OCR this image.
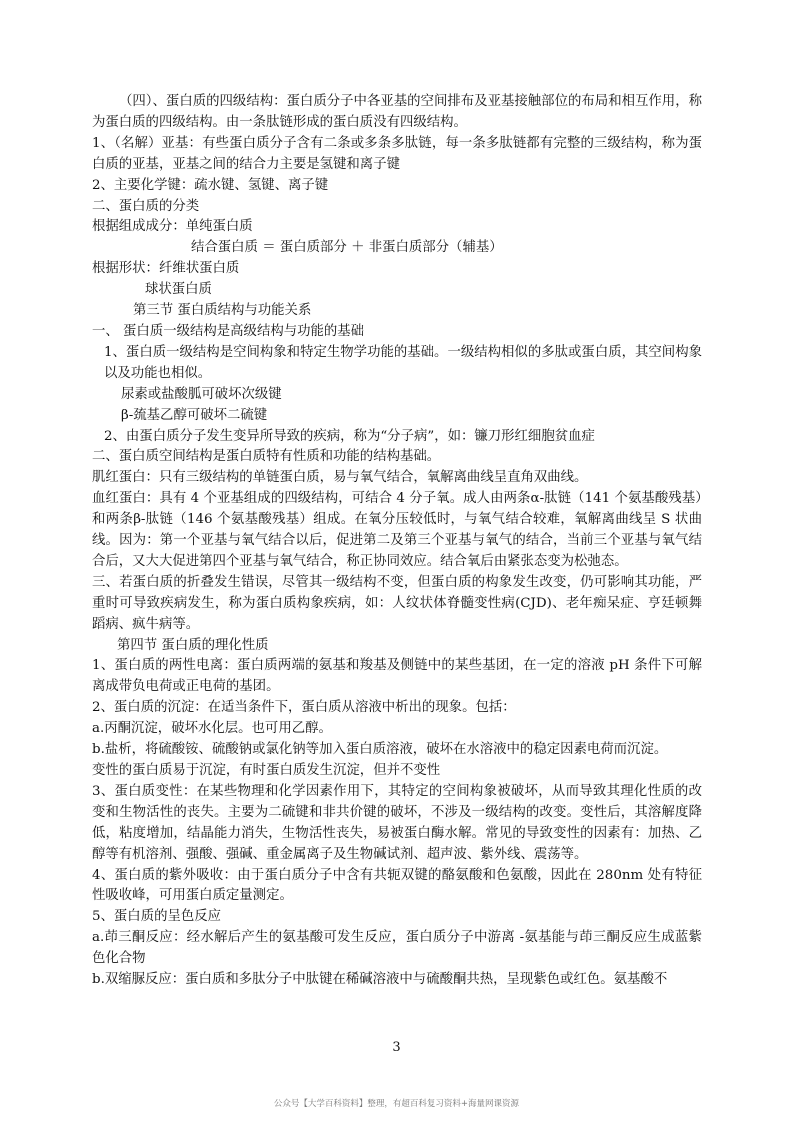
（四）、蛋白质的四级结构：蛋白质分子中各亚基的空间排布及亚基接触部位的布局和相互作用，称为蛋白质的四级结构。由一条肽链形成的蛋白质没有四级结构。

1、（名解）亚基：有些蛋白质分子含有二条或多条多肽链，每一条多肽链都有完整的三级结构，称为蛋白质的亚基，亚基之间的结合力主要是氢键和离子键

2、主要化学键：疏水键、氢键、离子键

二、蛋白质的分类

根据组成成分：单纯蛋白质

结合蛋白质 ＝ 蛋白质部分 ＋ 非蛋白质部分（辅基）

根据形状：纤维状蛋白质

球状蛋白质

第三节 蛋白质结构与功能关系

一、 蛋白质一级结构是高级结构与功能的基础

1、蛋白质一级结构是空间构象和特定生物学功能的基础。一级结构相似的多肽或蛋白质，其空间构象以及功能也相似。

尿素或盐酸胍可破坏次级键

β-巯基乙醇可破坏二硫键

2、由蛋白质分子发生变异所导致的疾病，称为“分子病”，如：镰刀形红细胞贫血症

二、蛋白质空间结构是蛋白质特有性质和功能的结构基础。

肌红蛋白：只有三级结构的单链蛋白质，易与氧气结合，氧解离曲线呈直角双曲线。

血红蛋白：具有 4 个亚基组成的四级结构，可结合 4 分子氧。成人由两条α-肽链（141 个氨基酸残基）和两条β-肽链（146 个氨基酸残基）组成。在氧分压较低时，与氧气结合较难，氧解离曲线呈 S 状曲线。因为：第一个亚基与氧气结合以后，促进第二及第三个亚基与氧气的结合，当前三个亚基与氧气结合后，又大大促进第四个亚基与氧气结合，称正协同效应。结合氧后由紧张态变为松弛态。

三、若蛋白质的折叠发生错误，尽管其一级结构不变，但蛋白质的构象发生改变，仍可影响其功能，严重时可导致疾病发生，称为蛋白质构象疾病，如：人纹状体脊髓变性病(CJD)、老年痴呆症、亨廷顿舞蹈病、疯牛病等。

第四节 蛋白质的理化性质

1、蛋白质的两性电离：蛋白质两端的氨基和羧基及侧链中的某些基团，在一定的溶液 pH 条件下可解离成带负电荷或正电荷的基团。

2、蛋白质的沉淀：在适当条件下，蛋白质从溶液中析出的现象。包括：

a.丙酮沉淀，破坏水化层。也可用乙醇。

b.盐析，将硫酸铵、硫酸钠或氯化钠等加入蛋白质溶液，破坏在水溶液中的稳定因素电荷而沉淀。

变性的蛋白质易于沉淀，有时蛋白质发生沉淀，但并不变性

3、蛋白质变性：在某些物理和化学因素作用下，其特定的空间构象被破坏，从而导致其理化性质的改变和生物活性的丧失。主要为二硫键和非共价键的破坏，不涉及一级结构的改变。变性后，其溶解度降低，粘度增加，结晶能力消失，生物活性丧失，易被蛋白酶水解。常见的导致变性的因素有：加热、乙醇等有机溶剂、强酸、强碱、重金属离子及生物碱试剂、超声波、紫外线、震荡等。

4、蛋白质的紫外吸收：由于蛋白质分子中含有共轭双键的酪氨酸和色氨酸，因此在 280nm 处有特征性吸收峰，可用蛋白质定量测定。

5、蛋白质的呈色反应

a.茚三酮反应：经水解后产生的氨基酸可发生反应，蛋白质分子中游离 -氨基能与茚三酮反应生成蓝紫色化合物

b.双缩脲反应：蛋白质和多肽分子中肽键在稀碱溶液中与硫酸酮共热，呈现紫色或红色。氨基酸不

3
公众号【大学百科资料】整理，有超百科复习资料+海量网课资源
